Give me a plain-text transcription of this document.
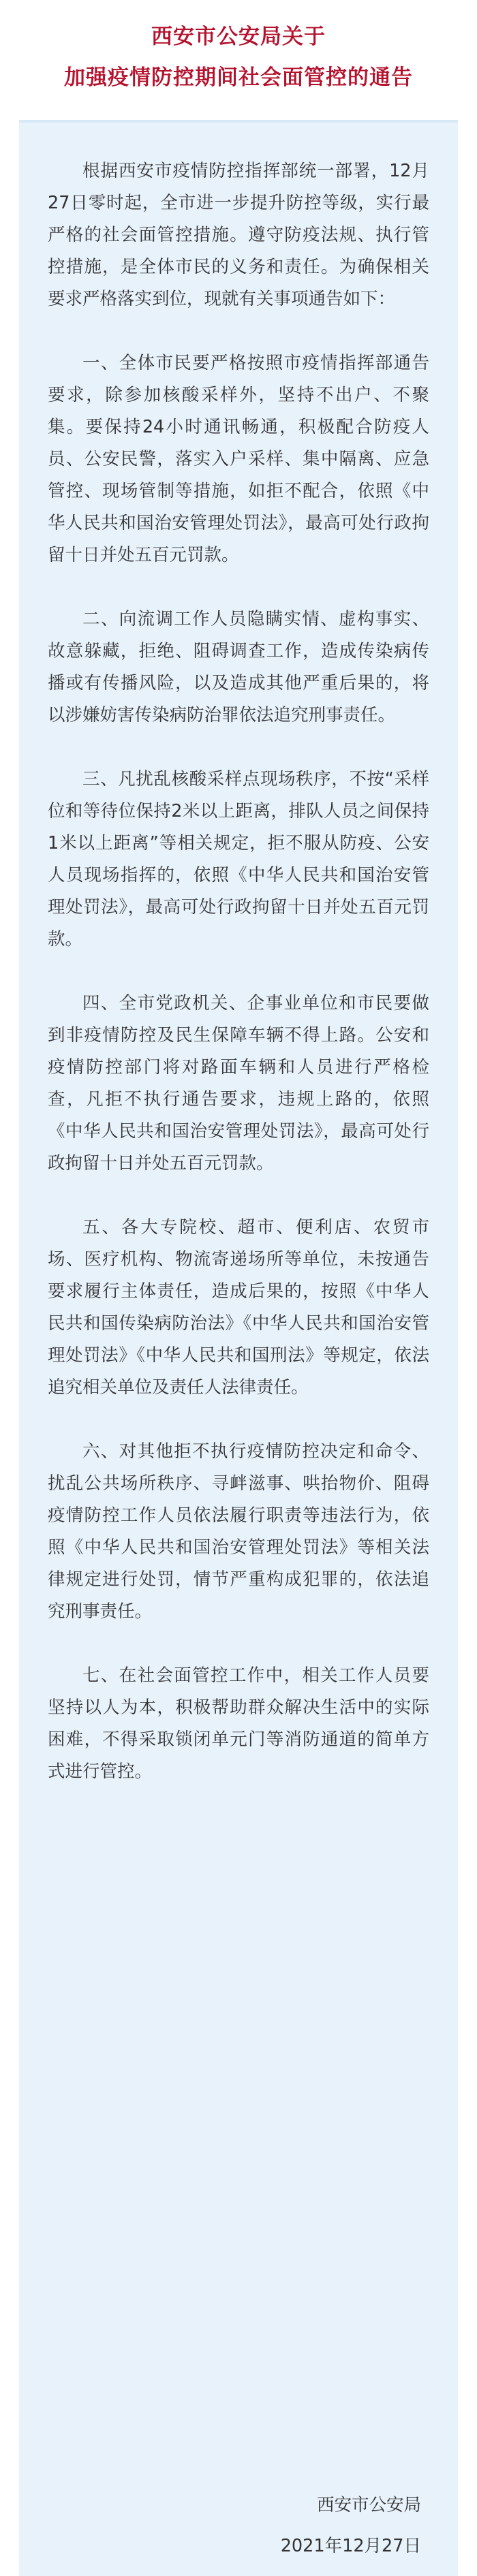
西安市公安局关于
加强疫情防控期间社会面管控的通告

根据西安市疫情防控指挥部统一部署，12月27日零时起，全市进一步提升防控等级，实行最严格的社会面管控措施。遵守防疫法规、执行管控措施，是全体市民的义务和责任。为确保相关要求严格落实到位，现就有关事项通告如下：

一、全体市民要严格按照市疫情指挥部通告要求，除参加核酸采样外，坚持不出户、不聚集。要保持24小时通讯畅通，积极配合防疫人员、公安民警，落实入户采样、集中隔离、应急管控、现场管制等措施，如拒不配合，依照《中华人民共和国治安管理处罚法》，最高可处行政拘留十日并处五百元罚款。

二、向流调工作人员隐瞒实情、虚构事实、故意躲藏，拒绝、阻碍调查工作，造成传染病传播或有传播风险，以及造成其他严重后果的，将以涉嫌妨害传染病防治罪依法追究刑事责任。

三、凡扰乱核酸采样点现场秩序，不按“采样位和等待位保持2米以上距离，排队人员之间保持1米以上距离”等相关规定，拒不服从防疫、公安人员现场指挥的，依照《中华人民共和国治安管理处罚法》，最高可处行政拘留十日并处五百元罚款。

四、全市党政机关、企事业单位和市民要做到非疫情防控及民生保障车辆不得上路。公安和疫情防控部门将对路面车辆和人员进行严格检查，凡拒不执行通告要求，违规上路的，依照《中华人民共和国治安管理处罚法》，最高可处行政拘留十日并处五百元罚款。

五、各大专院校、超市、便利店、农贸市场、医疗机构、物流寄递场所等单位，未按通告要求履行主体责任，造成后果的，按照《中华人民共和国传染病防治法》《中华人民共和国治安管理处罚法》《中华人民共和国刑法》等规定，依法追究相关单位及责任人法律责任。

六、对其他拒不执行疫情防控决定和命令、扰乱公共场所秩序、寻衅滋事、哄抬物价、阻碍疫情防控工作人员依法履行职责等违法行为，依照《中华人民共和国治安管理处罚法》等相关法律规定进行处罚，情节严重构成犯罪的，依法追究刑事责任。

七、在社会面管控工作中，相关工作人员要坚持以人为本，积极帮助群众解决生活中的实际困难，不得采取锁闭单元门等消防通道的简单方式进行管控。

西安市公安局
2021年12月27日
